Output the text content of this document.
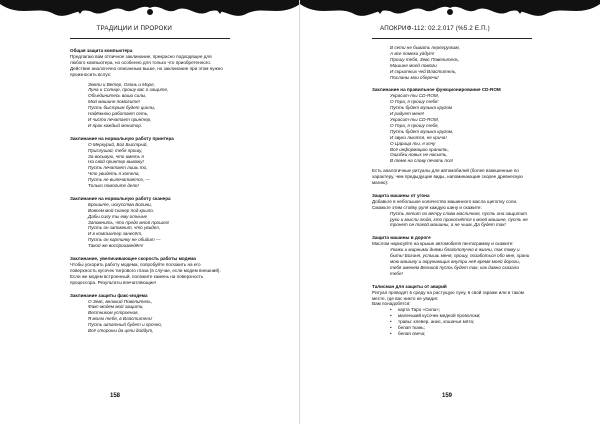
ТРАДИЦИИ И ПРОРОКИ
Общая защита компьютера
Предлагаю вам отличное заклинание, прекрасно подходящее для любого компьютера, но особенно для только что приобретенного. Действие аналогично описанным выше, но заклинание при этом нужно произносить вслух:
Земли и Ветер, Огонь и Море,
Луна и Солнце, прошу вас о защите,
Объединитесь ваши силы,
Мой машине помогите!
Пусть быстрым будет циклы,
Надёжною работает сеть,
И чисто печатает принтер,
И ярок каждый монитор.
Заклинание на нормальную работу принтера
О Меркурий, Бог Быстрый,
Прислушай, тебя прошу,
За восьмую, что иметь я
На свой принтер вывожу!
Пусть печатает лишь то,
Что увидеть я хотела,
Пусть не выпечатается, —
Только помогите дело!
Заклинание на нормальную работу сканера
Брошите, искусства Богини,
Вовсем мой сканер под крыло.
Дабы силу ты ему отныне
Запомнить, что предо мной прошло!
Пусть он запомнит, что увидел,
И в компьютер занесёт,
Пусть он картинку не обидит —
Такой же воспроизведёт!
Заклинание, увеличивающее скорость работы модема
Чтобы ускорить работу модема, попробуйте положить на его поверхность кусочек тигрового глаза (в случае, если модем внешний). Если же модем встроенный, положите камень на поверхность процессора. Результаты впечатляющие!
Заклинание защиты факс-модема
О Зевс, великий Повелитель,
Факс-модем мой защити,
Вестником устроения,
Я молю тебя, в Властитель!
Пусть штатный будет и прочно,
Всё стороны да цели дойдут,
158
АПОКРИФ-112: 02.2.017 (%5.2 Е.П.)
В сети не бывать перегрузкам,
А все помехи уйдут!
Прошу тебя, Зевс Повелитель,
Машине моей помоги
И скрытных чей Властитель,
Посланы мои сберечи!
Заклинание на правильное функционирование CD-ROM
Украсит-ты CD-ROM,
О Гера, я прошу тебя:
Пусть будет музыка кругом
И радует меня!
Украсит-ты CD-ROM,
О Гера, я прошу тебя,
Пусть будет музыка кругом,
И звуки льются, не крича!
О Царица ты, я хочу
Всё информацию хранить,
Ошибки новых не насыть,
В теме на слову печать поз!
Есть аналогичные ритуалы для автомобилей (более взвешенные по характеру, чем предыдущие виды, напоминающие скорее древнескую магию):
Защита машины от угона
Добавьте в небольшое количество машинного масла щепотку соли. Смажьте этим стойку руля каждую шину и скажите:
Пусть летит по ветру слова масличная, пусть она защитит руки и мысли люда, кто прикоснётся к моей машине, пусть не тронет он такой машины, а не чьим. Да будет так!
Защита машины в дороге
Маслом нарисуйте на крыше автомобиля пентаграмму и скажите:
Укажи и мирными днями благополучно в жизни, так тому и быть! Богиня, услышь меня, прошу, позаботься обо мне, храни мою машину и окружающих внутри неё время моей дороги, тебя именем Великой пусть будет так, как давно сказала тебе!
Талисман для защиты от аварий
Ритуал проводят в среду на растущую луну, в свой гараже или в таком месте, где вас никто не увидит.
Вам понадобятся:
• карта Таро «Сила»;
• маленький кусочек медной проволоки;
• травы: клевер, анис, кошачья мята;
• белая ткань;
• белая свеча;
159
